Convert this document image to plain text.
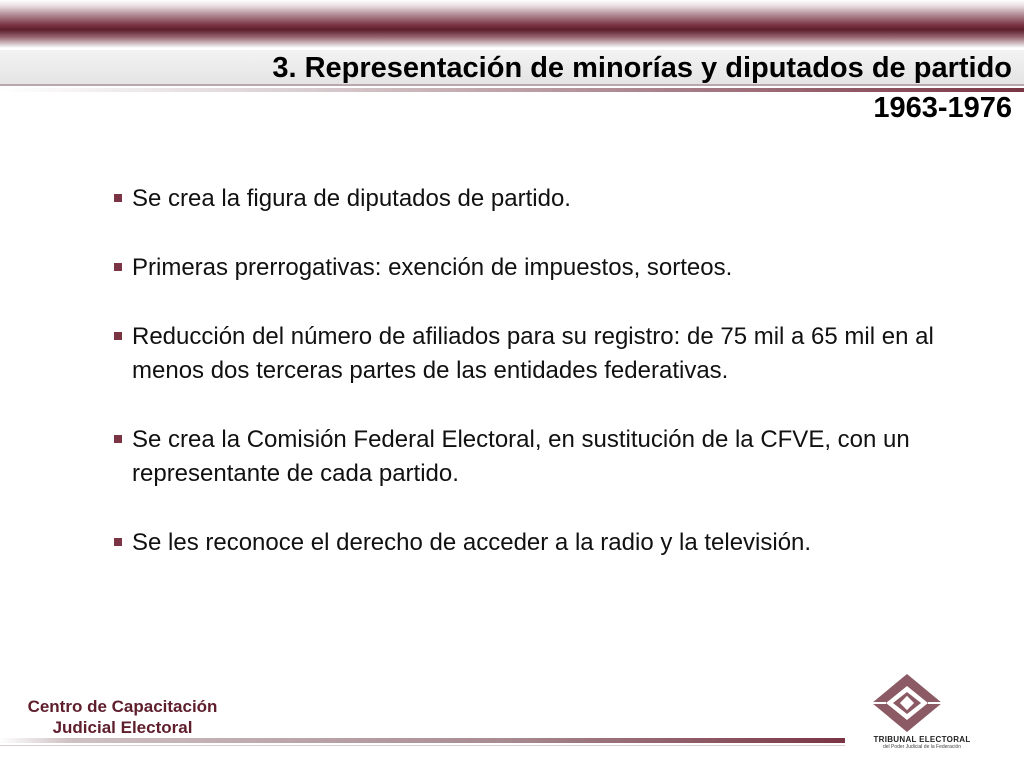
3. Representación de minorías y diputados de partido
1963-1976
Se crea la figura de diputados de partido.
Primeras prerrogativas: exención de impuestos, sorteos.
Reducción del número de afiliados para su registro: de 75 mil a 65 mil en al menos dos terceras partes de las entidades federativas.
Se crea la Comisión Federal Electoral, en sustitución de la CFVE, con un representante de cada partido.
Se les reconoce el derecho de acceder a la radio y la televisión.
Centro de Capacitación
Judicial Electoral
TRIBUNAL ELECTORAL
del Poder Judicial de la Federación
